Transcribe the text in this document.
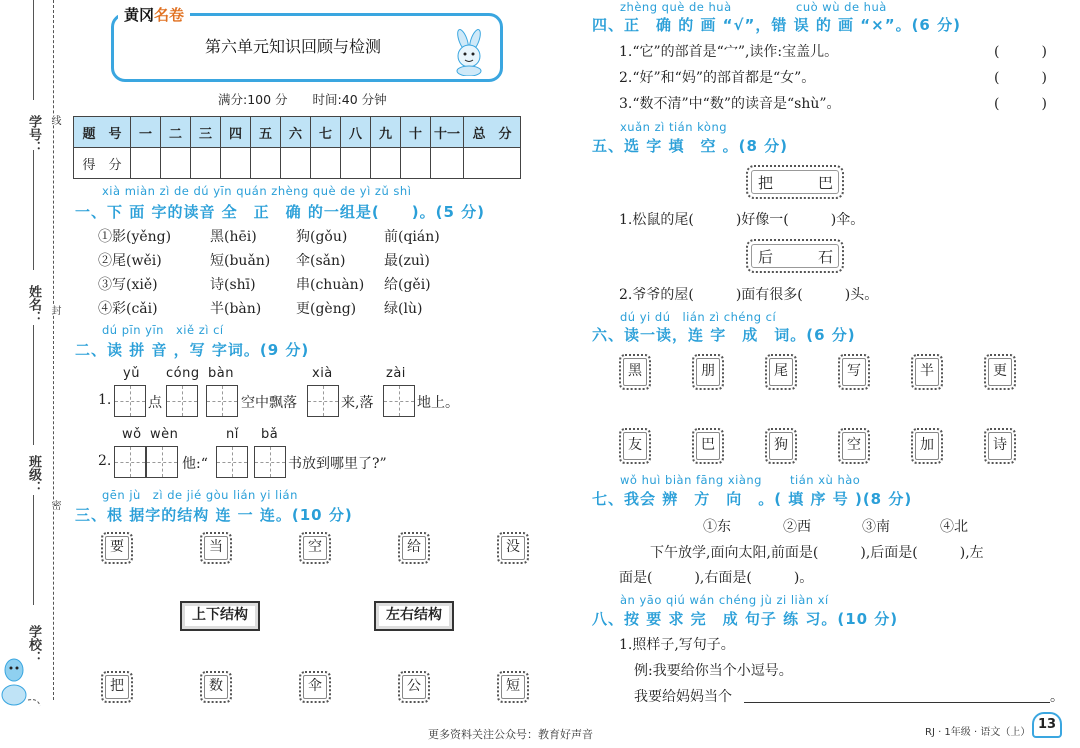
学号：
姓名：
班级：
学校：
线
封
密
黄冈名卷
第六单元知识回顾与检测
满分:100 分　　时间:40 分钟
题　号	一	二	三	四	五	六	七	八	九	十	十一	总　分
得　分												
xià miàn zì de dú yīn quán zhèng què de yì zǔ shì
一、下 面 字的读音 全　正　确 的一组是(　　)。(5 分)
①影(yěng)	黑(hēi)	狗(gǒu)	前(qián)
②尾(wěi)	短(buǎn) 伞(sǎn)	最(zuì)
③写(xiě)	诗(shī)	串(chuàn) 给(gěi)
④彩(cǎi)	半(bàn) 更(gèng) 绿(lù)
dú pīn yīn　xiě zì cí
二、读 拼 音 ，写 字词。(9 分)
yǔ cóng bàn	xià	zài
1.	点	空中飘落	来,落	地上。
wǒ wèn	nǐ bǎ
2.	他:“	书放到哪里了?”
gēn jù　zì de jié gòu lián yi lián
三、根 据字的结构 连 一 连。(10 分)
要	当	空	给	没
上下结构	左右结构
把	数	伞	公	短
zhèng què de huà	cuò wù de huà
四、正　确 的 画 “√”，错 误 的 画 “×”。(6 分)
1.“它”的部首是“宀”,读作:宝盖儿。	(　　　)
2.“好”和“妈”的部首都是“女”。	(　　　)
3.“数不清”中“数”的读音是“shù”。	(　　　)
xuǎn zì tián kòng
五、选 字 填　空 。(8 分)
把	巴
1.松鼠的尾(　　　)好像一(　　　)伞。
后	石
2.爷爷的屋(　　　)面有很多(　　　)头。
dú yi dú　lián zì chéng cí
六、读一读，连 字　成　词。(6 分)
黑	朋	尾	写	半	更
友	巴	狗	空	加	诗
wǒ huì biàn fāng xiàng tián xù hào
七、我会 辨　方　向　。( 填 序 号 )(8 分)
①东	②西	③南	④北
下午放学,面向太阳,前面是(　　　),后面是(　　　),左
面是(　　　),右面是(　　　)。
àn yāo qiú wán chéng jù zi liàn xí
八、按 要 求 完　成 句子 练 习。(10 分)
1.照样子,写句子。
例:我要给你当个小逗号。
我要给妈妈当个	。
更多资料关注公众号：教育好声音	RJ · 1年级 · 语文（上）
13
